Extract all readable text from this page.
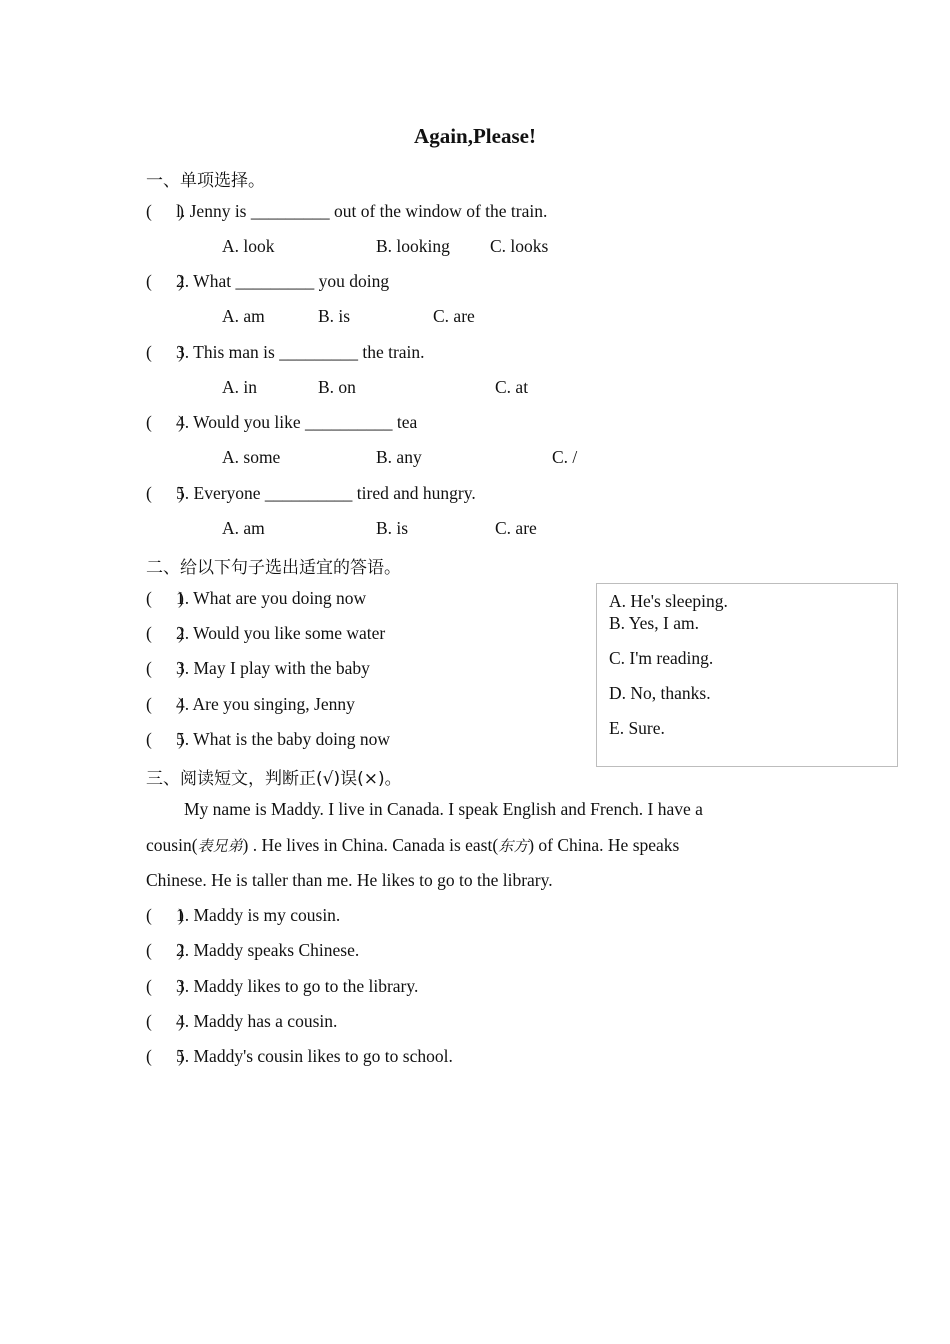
Again,Please!
一、单项选择。
(      )
l. Jenny is _________ out of the window of the train.
A. look	B. looking C. looks
(      )
2. What _________ you doing
A. am	B. is	C. are
(      )
3. This man is _________ the train.
A. in	B. on	C. at
(      )
4. Would you like __________ tea
A. some	B. any	C. /
(      )
5. Everyone __________ tired and hungry.
A. am	B. is	C. are
二、给以下句子选出适宜的答语。
(      )
1. What are you doing now
(      )
2. Would you like some water
(      )
3. May I play with the baby
(      )
4. Are you singing, Jenny
(      )
5. What is the baby doing now
A. He's sleeping.
B. Yes, I am.
C. I'm reading.
D. No, thanks.
E. Sure.
三、阅读短文，判断正(√)误(×)。
My name is Maddy. I live in Canada. I speak English and French. I have a
cousin(表兄弟) . He lives in China. Canada is east(东方) of China. He speaks
Chinese. He is taller than me. He likes to go to the library.
(      )
1. Maddy is my cousin.
(      )
2. Maddy speaks Chinese.
(      )
3. Maddy likes to go to the library.
(      )
4. Maddy has a cousin.
(      )
5. Maddy's cousin likes to go to school.
